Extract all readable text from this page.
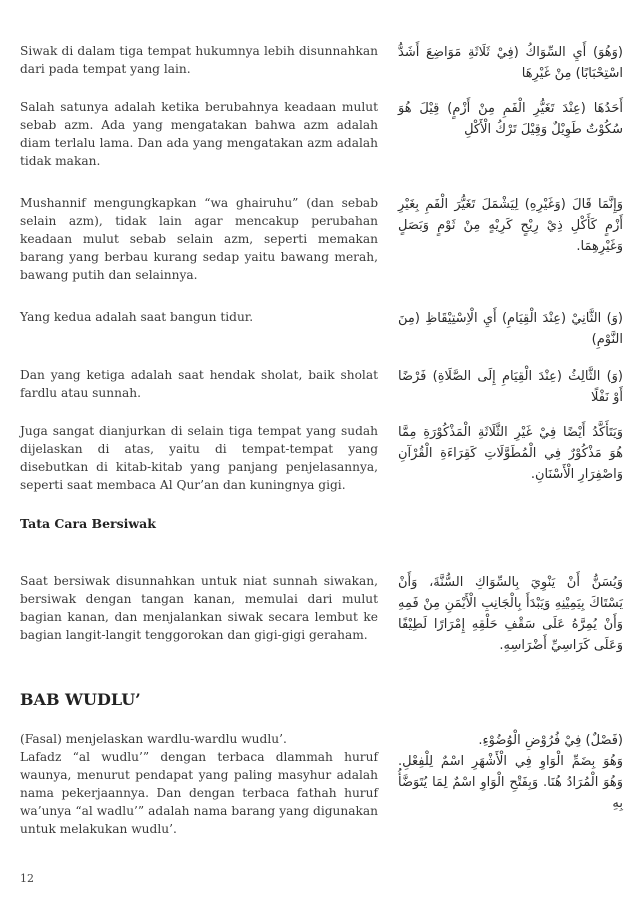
Siwak di dalam tiga tempat hukumnya lebih disunnahkan dari pada tempat yang lain.
(وَهُوَ) أَيِ السِّوَاكُ (فِيْ ثَلَاثَةِ مَوَاضِعَ أَشَدُّ اسْتِحْبَابًا) مِنْ غَيْرِهَا
Salah satunya adalah ketika berubahnya keadaan mulut sebab azm. Ada yang mengatakan bahwa azm adalah diam terlalu lama. Dan ada yang mengatakan azm adalah tidak makan.
أَحَدُهَا (عِنْدَ تَغَيُّرِ الْفَمِ مِنْ أَزْمٍ) قِيْلَ هُوَ سُكُوْتٌ طَوِيْلٌ وَقِيْلَ تَرْكُ الْأَكْلِ
Mushannif mengungkapkan “wa ghairuhu” (dan sebab selain azm), tidak lain agar mencakup perubahan keadaan mulut sebab selain azm, seperti memakan barang yang berbau kurang sedap yaitu bawang merah, bawang putih dan selainnya.
وَإِنَّمَا قَالَ (وَغَيْرِهِ) لِيَشْمَلَ تَغَيُّرَ الْفَمِ بِغَيْرِ أَزْمٍ كَأَكْلِ ذِيْ رِيْحٍ كَرِيْهٍ مِنْ ثَوْمٍ وَبَصَلٍ وَغَيْرِهِمَا.
Yang kedua adalah saat bangun tidur.	(وَ) الثَّانِيْ (عِنْدَ الْقِيَامِ) أَيِ الْاِسْتِيْقَاظِ (مِنَ النَّوْمِ)
Dan yang ketiga adalah saat hendak sholat, baik sholat fardlu atau sunnah.
(وَ) الثَّالِثُ (عِنْدَ الْقِيَامِ إِلَى الصَّلَاةِ) فَرْضًا أَوْ نَفْلًا
Juga sangat dianjurkan di selain tiga tempat yang sudah dijelaskan di atas, yaitu di tempat-tempat yang disebutkan di kitab-kitab yang panjang penjelasannya, seperti saat membaca Al Qur’an dan kuningnya gigi.
وَيَتَأَكَّدُ أَيْضًا فِيْ غَيْرِ الثَّلَاثَةِ الْمَذْكُوْرَةِ مِمَّا هُوَ مَذْكُوْرٌ فِي الْمُطَوَّلَاتِ كَقِرَاءَةِ الْقُرْآنِ وَاصْفِرَارِ الْأَسْنَانِ.
Tata Cara Bersiwak
Saat bersiwak disunnahkan untuk niat sunnah siwakan, bersiwak dengan tangan kanan, memulai dari mulut bagian kanan, dan menjalankan siwak secara lembut ke bagian langit-langit tenggorokan dan gigi-gigi geraham.
وَيُسَنُّ أَنْ يَنْوِيَ بِالسِّوَاكِ السُّنَّةَ، وَأَنْ يَسْتَاكَ بِيَمِيْنِهِ وَيَبْدَأَ بِالْجَانِبِ الْأَيْمَنِ مِنْ فَمِهِ وَأَنْ يُمِرَّهُ عَلَى سَقْفِ حَلْقِهِ إِمْرَارًا لَطِيْفًا وَعَلَى كَرَاسِيِّ أَضْرَاسِهِ.
BAB WUDLU’

(Fasal) menjelaskan wardlu-wardlu wudlu’.

Lafadz “al wudlu’” dengan terbaca dlammah huruf waunya, menurut pendapat yang paling masyhur adalah nama pekerjaannya. Dan dengan terbaca fathah huruf wa’unya “al wadlu’” adalah nama barang yang digunakan untuk melakukan wudlu’.

(فَصْلٌ) فِيْ فُرُوْضِ الْوُضُوْءِ.
وَهُوَ بِضَمِّ الْوَاوِ فِي الْأَشْهَرِ اسْمٌ لِلْفِعْلِ. وَهُوَ الْمُرَادُ هُنَا. وَبِفَتْحِ الْوَاوِ اسْمٌ لِمَا يُتَوَضَّأُ بِهِ
12
